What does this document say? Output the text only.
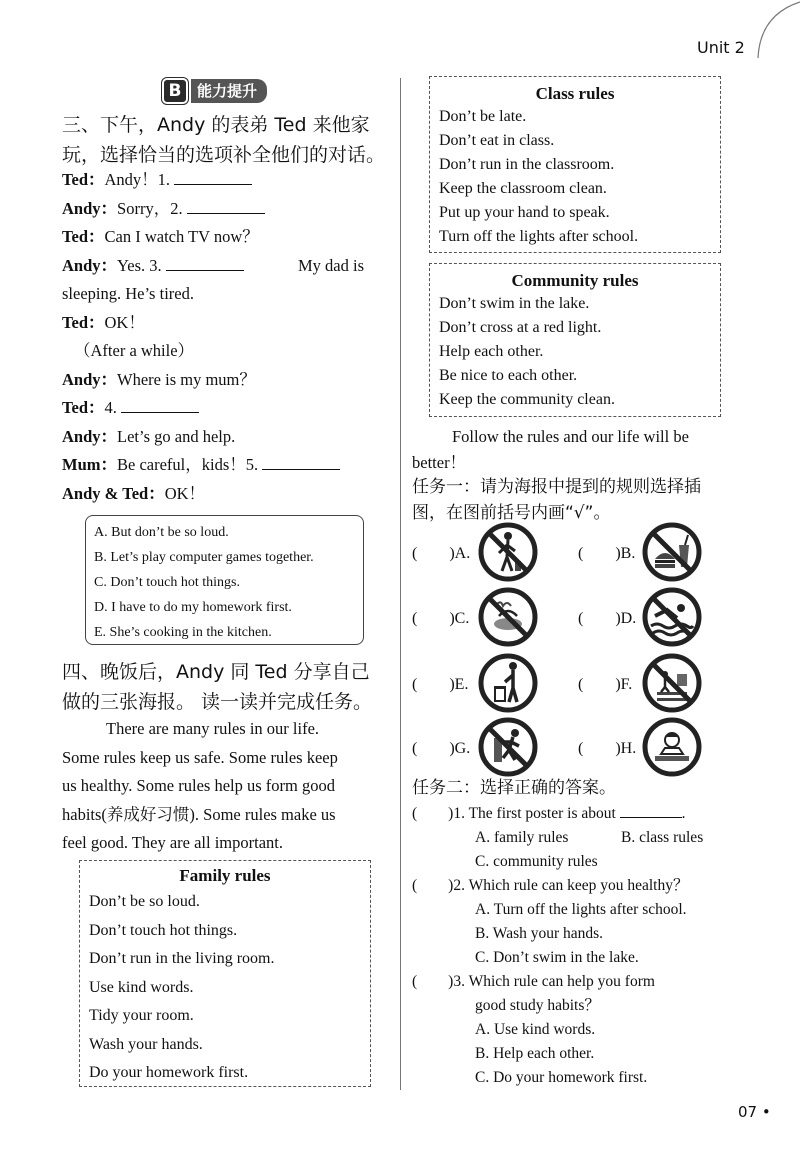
Unit 2
07 •
B	能力提升
三、下午，Andy 的表弟 Ted 来他家
玩，选择恰当的选项补全他们的对话。
Ted：Andy！1.
Andy：Sorry，2.
Ted：Can I watch TV now？
Andy：Yes. 3.	My dad is
sleeping. He’s tired.
Ted：OK！
（After a while）
Andy：Where is my mum？
Ted：4.
Andy：Let’s go and help.
Mum：Be careful，kids！5.
Andy & Ted：OK！
A. But don’t be so loud.
B. Let’s play computer games together.
C. Don’t touch hot things.
D. I have to do my homework first.
E. She’s cooking in the kitchen.
四、晚饭后，Andy 同 Ted 分享自己
做的三张海报。 读一读并完成任务。
There are many rules in our life.
Some rules keep us safe. Some rules keep
us healthy. Some rules help us form good
habits(养成好习惯). Some rules make us
feel good. They are all important.
Family rules
Don’t be so loud.
Don’t touch hot things.
Don’t run in the living room.
Use kind words.
Tidy your room.
Wash your hands.
Do your homework first.
Class rules
Don’t be late.
Don’t eat in class.
Don’t run in the classroom.
Keep the classroom clean.
Put up your hand to speak.
Turn off the lights after school.
Community rules
Don’t swim in the lake.
Don’t cross at a red light.
Help each other.
Be nice to each other.
Keep the community clean.
Follow the rules and our life will be
better！
任务一：请为海报中提到的规则选择插
图，在图前括号内画“√”。
(　　)A.	(　　)B.
(　　)C.	(　　)D.
(　　)E.	(　　)F.
(　　)G.	(　　)H.
任务二：选择正确的答案。
(　　)1. The first poster is about	.
A. family rules	B. class rules
C. community rules
(　　)2. Which rule can keep you healthy？
A. Turn off the lights after school.
B. Wash your hands.
C. Don’t swim in the lake.
(　　)3. Which rule can help you form
good study habits？
A. Use kind words.
B. Help each other.
C. Do your homework first.
